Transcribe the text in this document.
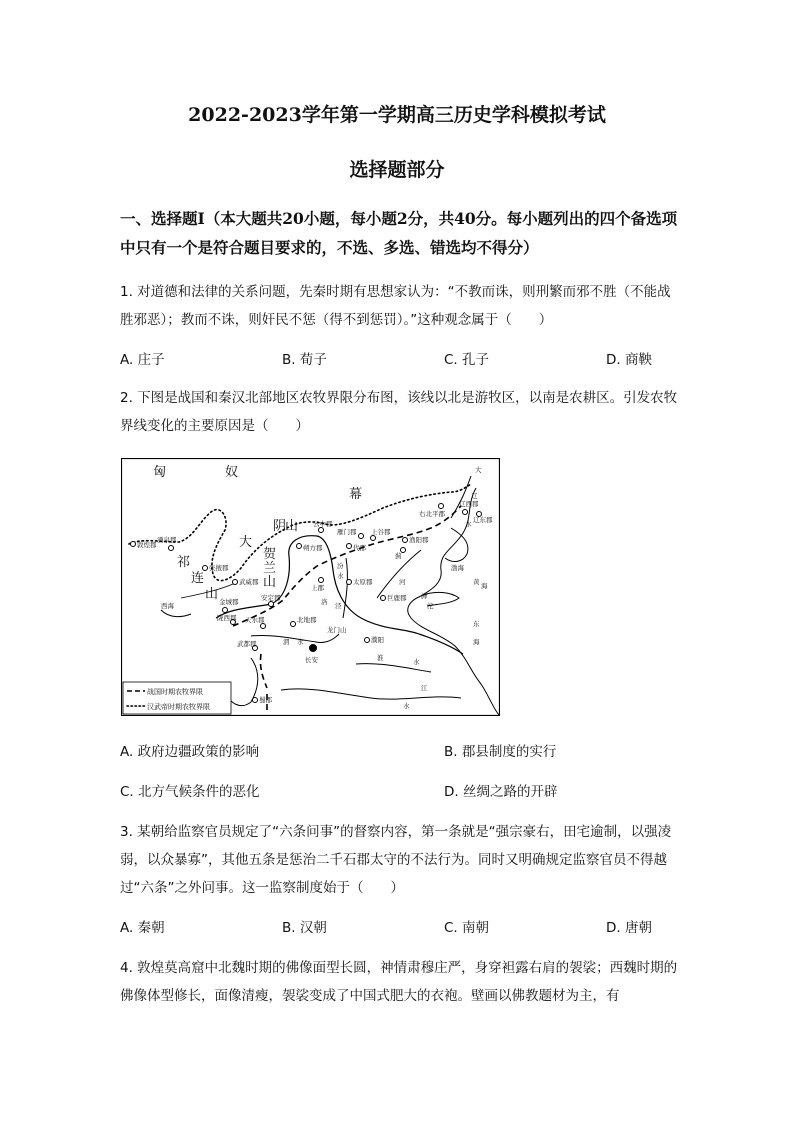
2022-2023学年第一学期高三历史学科模拟考试
选择题部分
一、选择题Ⅰ（本大题共20小题，每小题2分，共40分。每小题列出的四个备选项中只有一个是符合题目要求的，不选、多选、错选均不得分）
1. 对道德和法律的关系问题，先秦时期有思想家认为：“不教而诛，则刑繁而邪不胜（不能战胜邪恶）；教而不诛，则奸民不惩（得不到惩罚）。”这种观念属于（　　）
A. 庄子	B. 荀子	C. 孔子	D. 商鞅
2. 下图是战国和秦汉北部地区农牧界限分布图，该线以北是游牧区，以南是农耕区。引发农牧界线变化的主要原因是（　　）
匈	奴
幕
阴
山
大
贺
兰
山
祁
连
山
西海
敦煌郡
酒泉郡
张掖郡
武威郡
金城郡
陇西郡 天水郡
安定郡
北地郡
武都郡
长安
蜀郡
云中郡
朔方郡
雁门郡
代郡
上郡
太原郡
巨鹿郡
龙门山
濮阳
上谷郡
渔阳郡
蓟
右北平郡
辽西郡
辽东郡
渤海
河
汾
水
洛
渭 水
泾
大
辽
水
滹
沱
淮	水
江
水
东
海
黄 海
战国时期农牧界限
汉武帝时期农牧界限
A. 政府边疆政策的影响	B. 郡县制度的实行
C. 北方气候条件的恶化	D. 丝绸之路的开辟
3. 某朝给监察官员规定了“六条问事”的督察内容，第一条就是“强宗豪右，田宅逾制，以强凌弱，以众暴寡”，其他五条是惩治二千石郡太守的不法行为。同时又明确规定监察官员不得越过“六条”之外问事。这一监察制度始于（　　）
A. 秦朝	B. 汉朝	C. 南朝	D. 唐朝
4. 敦煌莫高窟中北魏时期的佛像面型长圆，神情肃穆庄严，身穿袒露右肩的袈裟；西魏时期的佛像体型修长，面像清瘦，袈裟变成了中国式肥大的衣袍。壁画以佛教题材为主，有
